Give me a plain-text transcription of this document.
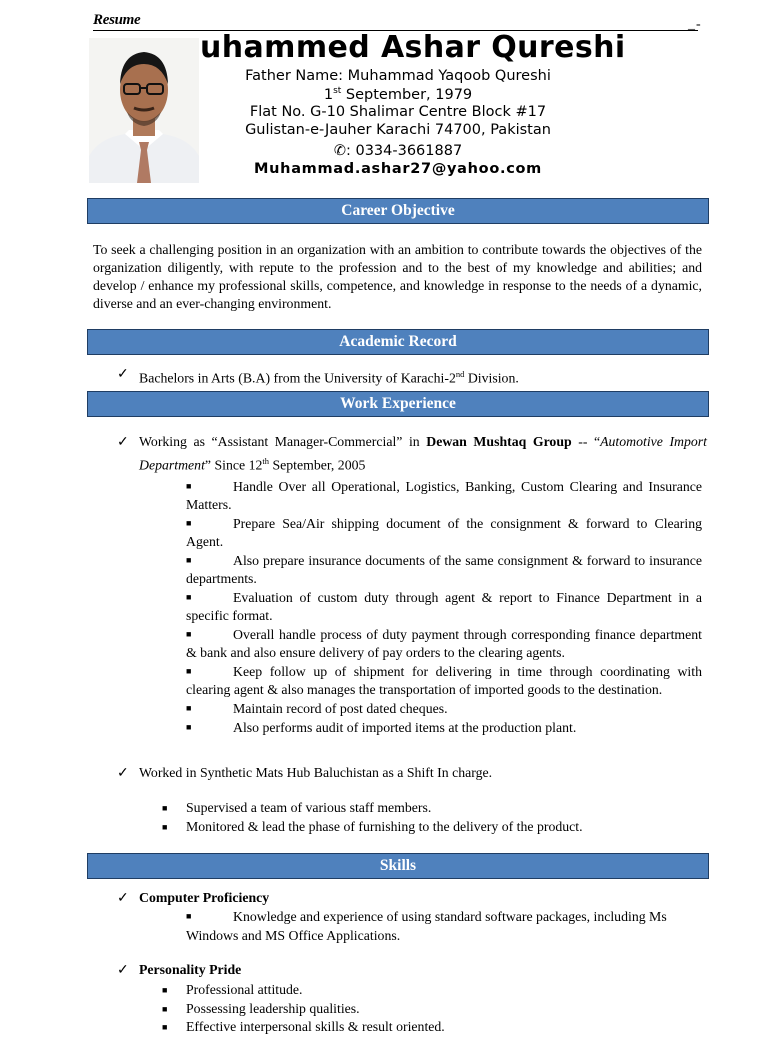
Resume	_-
uhammed Ashar Qureshi
Father Name: Muhammad Yaqoob Qureshi
1st September, 1979
Flat No. G-10 Shalimar Centre Block #17
Gulistan-e-Jauher Karachi 74700, Pakistan
✆: 0334-3661887
Muhammad.ashar27@yahoo.com
Career Objective
To seek a challenging position in an organization with an ambition to contribute towards the objectives of the organization diligently, with repute to the profession and to the best of my knowledge and abilities; and develop / enhance my professional skills, competence, and knowledge in response to the needs of a dynamic, diverse and an ever-changing environment.
Academic Record
✓ Bachelors in Arts (B.A) from the University of Karachi-2nd Division.
Work Experience
✓ Working as “Assistant Manager-Commercial” in Dewan Mushtaq Group -- “Automotive Import Department” Since 12th September, 2005
■	Handle Over all Operational, Logistics, Banking, Custom Clearing and Insurance Matters.
■	Prepare Sea/Air shipping document of the consignment & forward to Clearing Agent.
■	Also prepare insurance documents of the same consignment & forward to insurance departments.
■	Evaluation of custom duty through agent & report to Finance Department in a specific format.
■	Overall handle process of duty payment through corresponding finance department & bank and also ensure delivery of pay orders to the clearing agents.
■	Keep follow up of shipment for delivering in time through coordinating with clearing agent & also manages the transportation of imported goods to the destination.
■	Maintain record of post dated cheques.
■	Also performs audit of imported items at the production plant.
✓ Worked in Synthetic Mats Hub Baluchistan as a Shift In charge.
■ Supervised a team of various staff members.
■ Monitored & lead the phase of furnishing to the delivery of the product.
Skills
✓ Computer Proficiency
■	Knowledge and experience of using standard software packages, including Ms Windows and MS Office Applications.
✓ Personality Pride
■ Professional attitude.
■ Possessing leadership qualities.
■ Effective interpersonal skills & result oriented.
